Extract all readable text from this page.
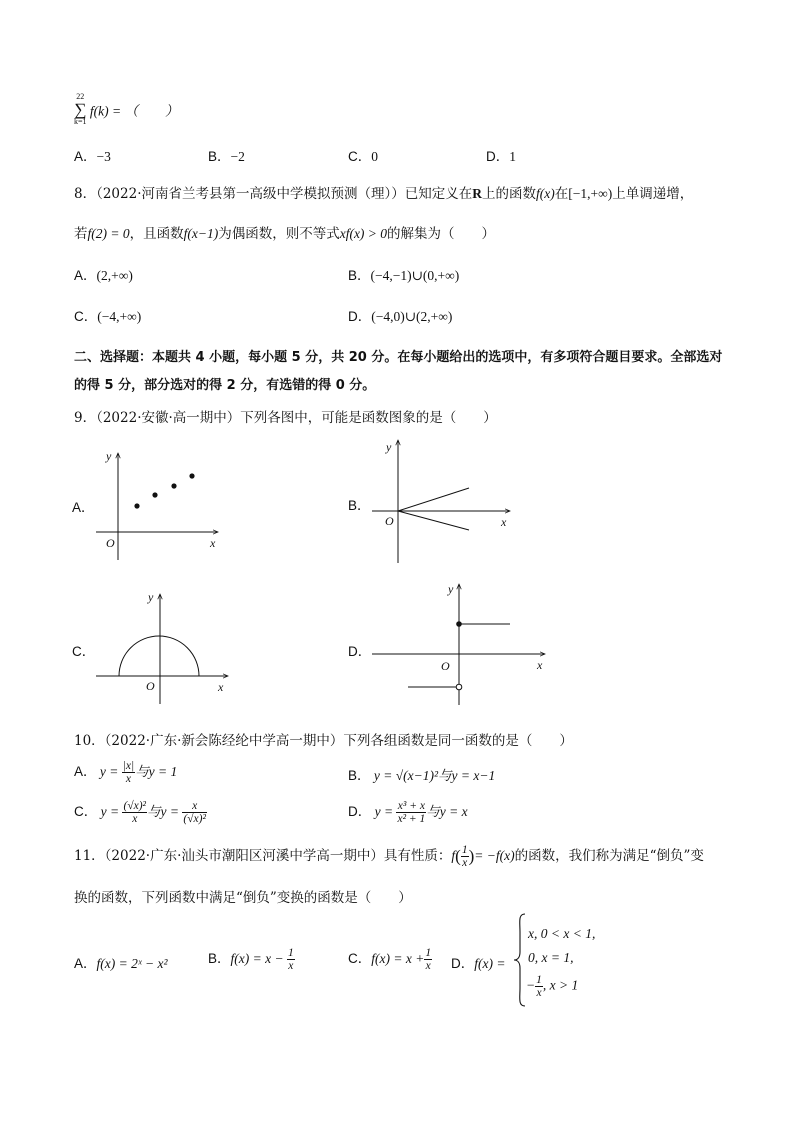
22
∑
k=1
f(k) = （　　）
A．−3	B．−2	C．0	D．1
8．（2022·河南省兰考县第一高级中学模拟预测（理））已知定义在R上的函数f(x)在[−1,+∞)上单调递增，
若f(2) = 0，且函数f(x−1)为偶函数，则不等式xf(x) > 0的解集为（　　）
A．(2,+∞)	B．(−4,−1)∪(0,+∞)
C．(−4,+∞)	D．(−4,0)∪(2,+∞)
二、选择题：本题共 4 小题，每小题 5 分，共 20 分。在每小题给出的选项中，有多项符合题目要求。全部选对
的得 5 分，部分选对的得 2 分，有选错的得 0 分。
9．（2022·安徽·高一期中）下列各图中，可能是函数图象的是（　　）
A．	B．
C．	D．
y
x
O
y
x
O
y
x
O
y
x
O
10．（2022·广东·新会陈经纶中学高一期中）下列各组函数是同一函数的是（　　）
A． $y = \frac{|x|}{x}$ 与y = 1	B． y = √(x−1)²与y = x−1
C． $y = \frac{\text{(√x)²}}{x}$ 与$y = \frac{x}{\text{(√x)²}}$	D． $y = \frac{\text{x³ + x}}{\text{x² + 1}}$ 与y = x
11．（2022·广东·汕头市潮阳区河溪中学高一期中）具有性质：$f( \frac{1}{x}$ )= −f(x)的函数，我们称为满足“倒负”变
换的函数，下列函数中满足“倒负”变换的函数是（　　）
A．f(x) = 2ˣ − x²	B．$f(x) = x - \frac{1}{x}$	C．$f(x) = x + \frac{1}{x}$ D．f(x) =
x, 0 < x < 1,
0, x = 1,
− $\frac{1}{x}$ , x > 1
